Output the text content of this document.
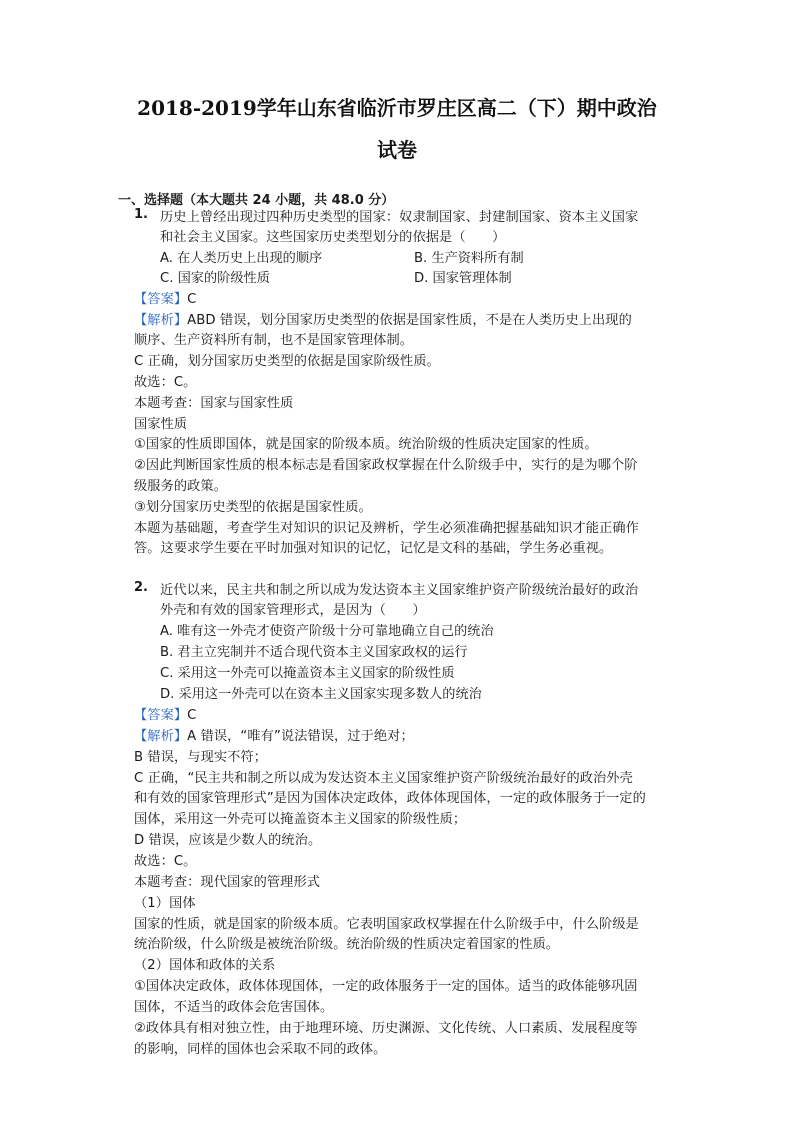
2018-2019学年山东省临沂市罗庄区高二（下）期中政治
试卷
一、选择题（本大题共 24 小题，共 48.0 分）
1. 历史上曾经出现过四种历史类型的国家：奴隶制国家、封建制国家、资本主义国家
和社会主义国家。这些国家历史类型划分的依据是（　　）
A. 在人类历史上出现的顺序	B. 生产资料所有制
C. 国家的阶级性质	D. 国家管理体制
【答案】C
【解析】ABD 错误，划分国家历史类型的依据是国家性质，不是在人类历史上出现的
顺序、生产资料所有制，也不是国家管理体制。
C 正确，划分国家历史类型的依据是国家阶级性质。
故选：C。
本题考查：国家与国家性质
国家性质
①国家的性质即国体，就是国家的阶级本质。统治阶级的性质决定国家的性质。
②因此判断国家性质的根本标志是看国家政权掌握在什么阶级手中，实行的是为哪个阶
级服务的政策。
③划分国家历史类型的依据是国家性质。
本题为基础题，考查学生对知识的识记及辨析，学生必须准确把握基础知识才能正确作
答。这要求学生要在平时加强对知识的记忆，记忆是文科的基础，学生务必重视。
2. 近代以来，民主共和制之所以成为发达资本主义国家维护资产阶级统治最好的政治
外壳和有效的国家管理形式，是因为（　　）
A. 唯有这一外壳才使资产阶级十分可靠地确立自己的统治
B. 君主立宪制并不适合现代资本主义国家政权的运行
C. 采用这一外壳可以掩盖资本主义国家的阶级性质
D. 采用这一外壳可以在资本主义国家实现多数人的统治
【答案】C
【解析】A 错误，“唯有”说法错误，过于绝对；
B 错误，与现实不符；
C 正确，“民主共和制之所以成为发达资本主义国家维护资产阶级统治最好的政治外壳
和有效的国家管理形式”是因为国体决定政体，政体体现国体，一定的政体服务于一定的
国体，采用这一外壳可以掩盖资本主义国家的阶级性质；
D 错误，应该是少数人的统治。
故选：C。
本题考查：现代国家的管理形式
（1）国体
国家的性质，就是国家的阶级本质。它表明国家政权掌握在什么阶级手中，什么阶级是
统治阶级，什么阶级是被统治阶级。统治阶级的性质决定着国家的性质。
（2）国体和政体的关系
①国体决定政体，政体体现国体，一定的政体服务于一定的国体。适当的政体能够巩固
国体，不适当的政体会危害国体。
②政体具有相对独立性，由于地理环境、历史渊源、文化传统、人口素质、发展程度等
的影响，同样的国体也会采取不同的政体。
